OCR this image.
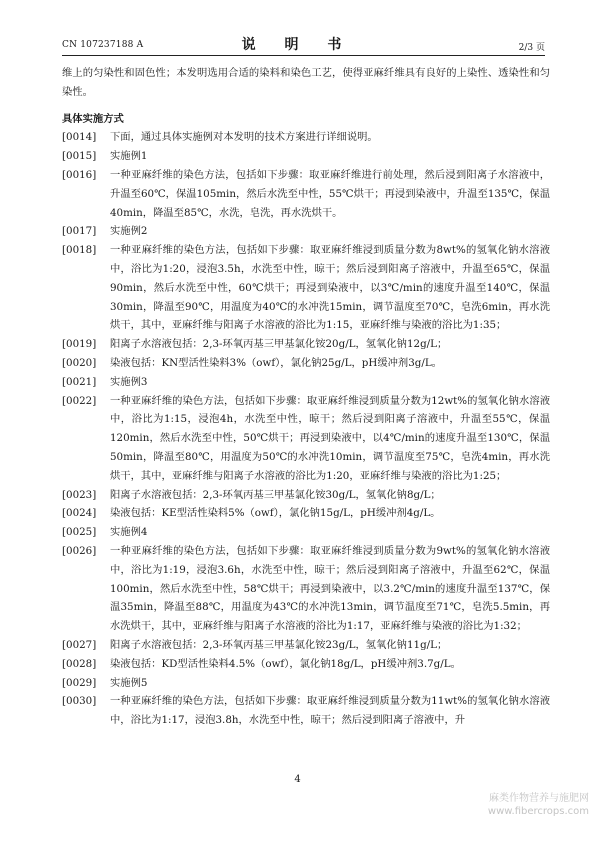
CN 107237188 A	说 明 书	2/3 页

维上的匀染性和固色性；本发明选用合适的染料和染色工艺，使得亚麻纤维具有良好的上染性、透染性和匀染性。

具体实施方式

[0014]	下面，通过具体实施例对本发明的技术方案进行详细说明。
[0015]	实施例1
[0016]	一种亚麻纤维的染色方法，包括如下步骤：取亚麻纤维进行前处理，然后浸到阳离子水溶液中，升温至60℃，保温105min，然后水洗至中性，55℃烘干；再浸到染液中，升温至135℃，保温40min，降温至85℃，水洗，皂洗，再水洗烘干。
[0017]	实施例2
[0018]	一种亚麻纤维的染色方法，包括如下步骤：取亚麻纤维浸到质量分数为8wt%的氢氧化钠水溶液中，浴比为1:20，浸泡3.5h，水洗至中性，晾干；然后浸到阳离子溶液中，升温至65℃，保温90min，然后水洗至中性，60℃烘干；再浸到染液中，以3℃/min的速度升温至140℃，保温30min，降温至90℃，用温度为40℃的水冲洗15min，调节温度至70℃，皂洗6min，再水洗烘干，其中，亚麻纤维与阳离子水溶液的浴比为1:15，亚麻纤维与染液的浴比为1:35；
[0019]	阳离子水溶液包括：2,3-环氧丙基三甲基氯化铵20g/L，氢氧化钠12g/L；
[0020]	染液包括：KN型活性染料3%（owf），氯化钠25g/L，pH缓冲剂3g/L。
[0021]	实施例3
[0022]	一种亚麻纤维的染色方法，包括如下步骤：取亚麻纤维浸到质量分数为12wt%的氢氧化钠水溶液中，浴比为1:15，浸泡4h，水洗至中性，晾干；然后浸到阳离子溶液中，升温至55℃，保温120min，然后水洗至中性，50℃烘干；再浸到染液中，以4℃/min的速度升温至130℃，保温50min，降温至80℃，用温度为50℃的水冲洗10min，调节温度至75℃，皂洗4min，再水洗烘干，其中，亚麻纤维与阳离子水溶液的浴比为1:20，亚麻纤维与染液的浴比为1:25；
[0023]	阳离子水溶液包括：2,3-环氧丙基三甲基氯化铵30g/L，氢氧化钠8g/L；
[0024]	染液包括：KE型活性染料5%（owf），氯化钠15g/L，pH缓冲剂4g/L。
[0025]	实施例4
[0026]	一种亚麻纤维的染色方法，包括如下步骤：取亚麻纤维浸到质量分数为9wt%的氢氧化钠水溶液中，浴比为1:19，浸泡3.6h，水洗至中性，晾干；然后浸到阳离子溶液中，升温至62℃，保温100min，然后水洗至中性，58℃烘干；再浸到染液中，以3.2℃/min的速度升温至137℃，保温35min，降温至88℃，用温度为43℃的水冲洗13min，调节温度至71℃，皂洗5.5min，再水洗烘干，其中，亚麻纤维与阳离子水溶液的浴比为1:17，亚麻纤维与染液的浴比为1:32；
[0027]	阳离子水溶液包括：2,3-环氧丙基三甲基氯化铵23g/L，氢氧化钠11g/L；
[0028]	染液包括：KD型活性染料4.5%（owf），氯化钠18g/L，pH缓冲剂3.7g/L。
[0029]	实施例5
[0030]	一种亚麻纤维的染色方法，包括如下步骤：取亚麻纤维浸到质量分数为11wt%的氢氧化钠水溶液中，浴比为1:17，浸泡3.8h，水洗至中性，晾干；然后浸到阳离子溶液中，升
4
麻类作物营养与施肥网
www.fibercrops.com
